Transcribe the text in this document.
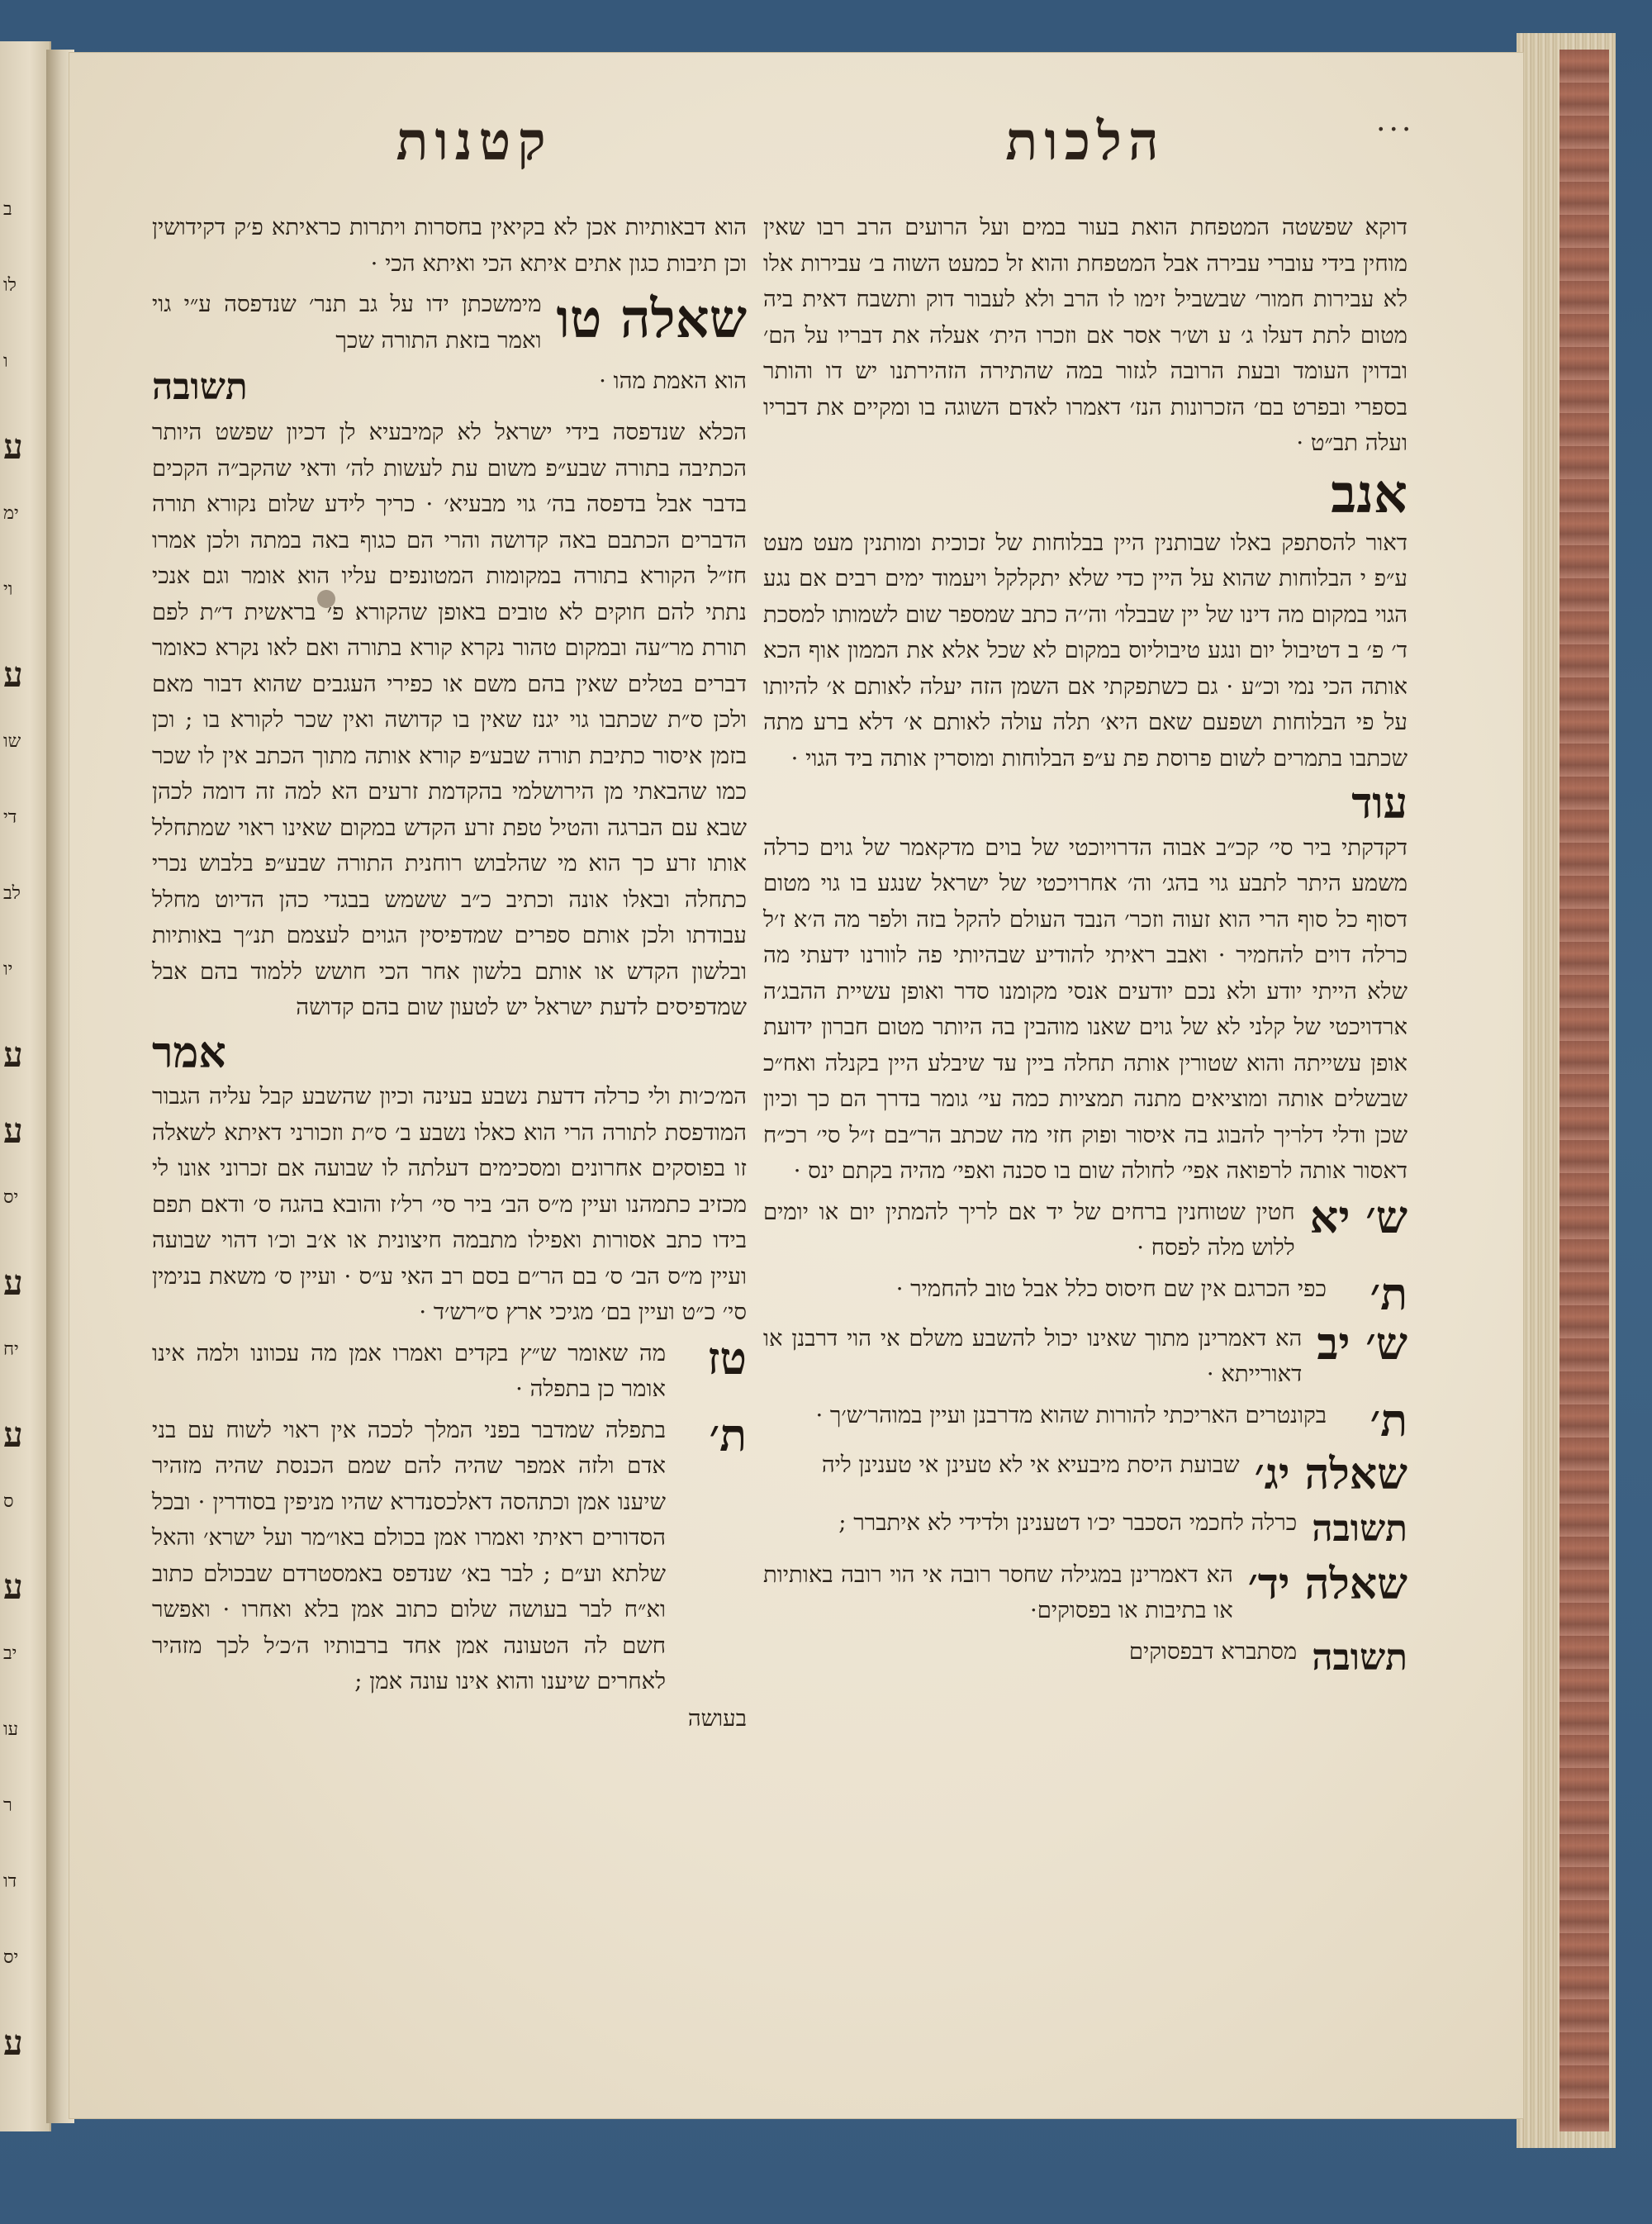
הלכות
קטנות	...

דוקא שפשטה המטפחת הואת בעור במים ועל הרועים הרב רבו שאין מוחין בידי עוברי עבירה אבל המטפחת והוא זל כמעט השוה ב׳ עבירות אלו לא עבירות חמור׳ שבשביל זימו לו הרב ולא לעבור דוק ותשבח דאית ביה מטום לתת דעלו ג׳ ע וש׳ר אסר אם וזכרו הית׳ אעלה את דבריו על הם׳ ובדוין העומד ובעת הרובה לגזור במה שהתירה הזהירתנו יש דו והותר בספרי ובפרט בם׳ הזכרונות הנז׳ דאמרו לאדם השוגה בו ומקיים את דבריו ועלה תב״ט ·

אנב

דאור להסתפק באלו שבותנין היין בבלוחות של זכוכית ומותנין מעט מעט ע״פ י הבלוחות שהוא על היין כדי שלא יתקלקל ויעמוד ימים רבים אם נגע הגוי במקום מה דינו של יין שבבלו׳ וה׳׳ה כתב שמספר שום לשמותו למסכת ד׳ פ׳ ב דטיבול יום ונגע טיבוליוס במקום לא שכל אלא את הממון אוף הכא אותה הכי נמי וכ״ע · גם כשתפקתי אם השמן הזה יעלה לאותם א׳ להיותו על פי הבלוחות ושפעם שאם היא׳ תלה עולה לאותם א׳ דלא ברע מתה שכתבו בתמרים לשום פרוסת פת ע״פ הבלוחות ומוסרין אותה ביד הגוי ·

עוד

דקדקתי ביר סי׳ קכ״ב אבוה הדרויוכטי של בוים מדקאמר של גוים כרלה משמע היתר לתבע גוי בהג׳ וה׳ אחרויכטי של ישראל שנגע בו גוי מטום דסוף כל סוף הרי הוא זעוה וזכר׳ הנבד העולם להקל בזה ולפר מה ה׳א ז׳ל כרלה דוים להחמיר · ואבב ראיתי להודיע שבהיותי פה לוורנו ידעתי מה שלא הייתי יודע ולא נכם יודעים אנסי מקומנו סדר ואופן עשיית ההבג׳ה ארדויכטי של קלני לא של גוים שאנו מוהבין בה היותר מטום חברון ידועת אופן עשייתה והוא שטורין אותה תחלה ביין עד שיבלע היין בקנלה ואח״כ שבשלים אותה ומוציאים מתנה תמציות כמה עי׳ גומר בדרך הם כך וכיון שכן ודלי דלריך להבוג בה איסור ופוק חזי מה שכתב הר״בם ז״ל סי׳ רכ״ח דאסור אותה לרפואה אפי׳ לחולה שום בו סכנה ואפי׳ מהיה בקתם ינס ·

ש׳ יא

חטין שטוחנין ברחים של יד אם לריך להמתין יום או יומים ללוש מלה לפסח ·

ת׳

כפי הכרגם אין שם חיסוס כלל אבל טוב להחמיר ·

ש׳ יב

הא דאמרינן מתוך שאינו יכול להשבע משלם אי הוי דרבנן או דאורייתא ·

ת׳

בקונטרים האריכתי להורות שהוא מדרבנן ועיין במוהר׳ש׳ך ·

שאלה יג׳

שבועת היסת מיבעיא אי לא טעינן אי טענינן ליה

תשובה

כרלה לחכמי הסכבר יכ׳ו דטענינן ולדידי לא איתברר ;

שאלה יד׳

הא דאמרינן במגילה שחסר רובה אי הוי רובה באותיות או בתיבות או בפסוקים·

תשובה

מסתברא דבפסוקים

הוא דבאותיות אכן לא בקיאין בחסרות ויתרות כראיתא פ׳ק דקידושין וכן תיבות כגון אתים איתא הכי ואיתא הכי ·

שאלה טו

מימשכתן ידו על גב תנר׳ שנדפסה ע״י גוי ואמר בזאת התורה שכך

הוא האמת מהו ·

תשובה

הכלא שנדפסה בידי ישראל לא קמיבעיא לן דכיון שפשט היותר הכתיבה בתורה שבע״פ משום עת לעשות לה׳ ודאי שהקב״ה הקכים בדבר אבל בדפסה בה׳ גוי מבעיא׳ · כריך לידע שלום נקורא תורה הדברים הכתבם באה קדושה והרי הם כגוף באה במתה ולכן אמרו חז״ל הקורא בתורה במקומות המטונפים עליו הוא אומר וגם אנכי נתתי להם חוקים לא טובים באופן שהקורא פ׳ בראשית ד״ת לפם תורת מר״עה ובמקום טהור נקרא קורא בתורה ואם לאו נקרא כאומר דברים בטלים שאין בהם משם או כפירי העגבים שהוא דבור מאם ולכן ס״ת שכתבו גוי יגנז שאין בו קדושה ואין שכר לקורא בו ; וכן בזמן איסור כתיבת תורה שבע״פ קורא אותה מתוך הכתב אין לו שכר כמו שהבאתי מן הירושלמי בהקדמת זרעים הא למה זה דומה לכהן שבא עם הברגה והטיל טפת זרע הקדש במקום שאינו ראוי שמתחלל אותו זרע כך הוא מי שהלבוש רוחנית התורה שבע״פ בלבוש נכרי כתחלה ובאלו אונה וכתיב כ״ב ששמש בבגדי כהן הדיוט מחלל עבודתו ולכן אותם ספרים שמדפיסין הגוים לעצמם תנ״ך באותיות ובלשון הקדש או אותם בלשון אחר הכי חושש ללמוד בהם אבל שמדפיסים לדעת ישראל יש לטעון שום בהם קדושה

אמר

המ׳כ׳ות ולי כרלה דדעת נשבע בעינה וכיון שהשבע קבל עליה הגבור המודפסת לתורה הרי הוא כאלו נשבע ב׳ ס״ת וזכורני דאיתא לשאלה זו בפוסקים אחרונים ומסכימים דעלתה לו שבועה אם זכרוני אונו לי מכזיב כתמהנו ועיין מ״ס הב׳ ביר סי׳ רל׳ז והובא בהגה ס׳ ודאם תפם בידו כתב אסורות ואפילו מתבמה חיצונית או א׳ב וכ׳ו דהוי שבועה ועיין מ״ס הב׳ ס׳ בם הר״ם בסם רב האי ע״ס · ועיין ס׳ משאת בנימין סי׳ כ״ט ועיין בם׳ מגיכי ארץ ס״רש׳ד ·

טז

מה שאומר ש״ץ בקדים ואמרו אמן מה עכוונו ולמה אינו אומר כן בתפלה ·

ת׳

בתפלה שמדבר בפני המלך לככה אין ראוי לשוח עם בני אדם ולזה אמפר שהיה להם שמם הכנסת שהיה מזהיר שיענו אמן וכתהסה דאלכסנדרא שהיו מניפין בסודרין · ובכל הסדורים ראיתי ואמרו אמן בכולם באו״מר ועל ישרא׳ והאל שלתא וע״ם ; לבר בא׳ שנדפס באמסטרדם שבכולם כתוב וא״ח לבר בעושה שלום כתוב אמן בלא ואחרו · ואפשר חשם לה הטעונה אמן אחד ברבותיו ה׳כ׳ל לכך מזהיר לאחרים שיענו והוא אינו עונה אמן ;

בעושה
ב
לו
ו
ע
ימ
וי
ע
שו
די
לב
יו
ע
ע
יס
ע
יח
ע
ס
ע
יב
עו
ר
דו
יס
ע
